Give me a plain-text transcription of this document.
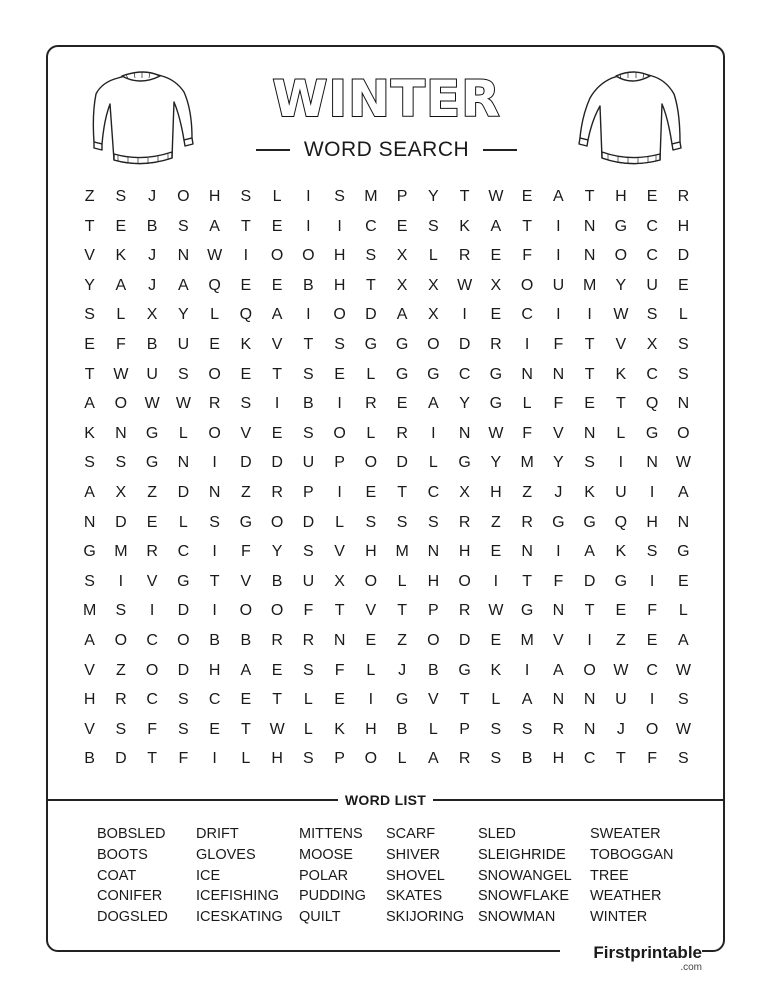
WINTER
WORD SEARCH
Z	S	J	O	H	S	L	I	S	M	P	Y	T	W	E	A	T	H	E	R
T	E	B	S	A	T	E	I	I	C	E	S	K	A	T	I	N	G	C	H
V	K	J	N	W	I	O	O	H	S	X	L	R	E	F	I	N	O	C	D
Y	A	J	A	Q	E	E	B	H	T	X	X	W	X	O	U	M	Y	U	E
S	L	X	Y	L	Q	A	I	O	D	A	X	I	E	C	I	I	W	S	L
E	F	B	U	E	K	V	T	S	G	G	O	D	R	I	F	T	V	X	S
T	W	U	S	O	E	T	S	E	L	G	G	C	G	N	N	T	K	C	S
A	O	W	W	R	S	I	B	I	R	E	A	Y	G	L	F	E	T	Q	N
K	N	G	L	O	V	E	S	O	L	R	I	N	W	F	V	N	L	G	O
S	S	G	N	I	D	D	U	P	O	D	L	G	Y	M	Y	S	I	N	W
A	X	Z	D	N	Z	R	P	I	E	T	C	X	H	Z	J	K	U	I	A
N	D	E	L	S	G	O	D	L	S	S	S	R	Z	R	G	G	Q	H	N
G	M	R	C	I	F	Y	S	V	H	M	N	H	E	N	I	A	K	S	G
S	I	V	G	T	V	B	U	X	O	L	H	O	I	T	F	D	G	I	E
M	S	I	D	I	O	O	F	T	V	T	P	R	W	G	N	T	E	F	L
A	O	C	O	B	B	R	R	N	E	Z	O	D	E	M	V	I	Z	E	A
V	Z	O	D	H	A	E	S	F	L	J	B	G	K	I	A	O	W	C	W
H	R	C	S	C	E	T	L	E	I	G	V	T	L	A	N	N	U	I	S
V	S	F	S	E	T	W	L	K	H	B	L	P	S	S	R	N	J	O	W
B	D	T	F	I	L	H	S	P	O	L	A	R	S	B	H	C	T	F	S
WORD LIST
BOBSLED
BOOTS
COAT
CONIFER
DOGSLED
DRIFT
GLOVES
ICE
ICEFISHING
ICESKATING
MITTENS
MOOSE
POLAR
PUDDING
QUILT
SCARF
SHIVER
SHOVEL
SKATES
SKIJORING
SLED
SLEIGHRIDE
SNOWANGEL
SNOWFLAKE
SNOWMAN
SWEATER
TOBOGGAN
TREE
WEATHER
WINTER
Firstprintable
.com
